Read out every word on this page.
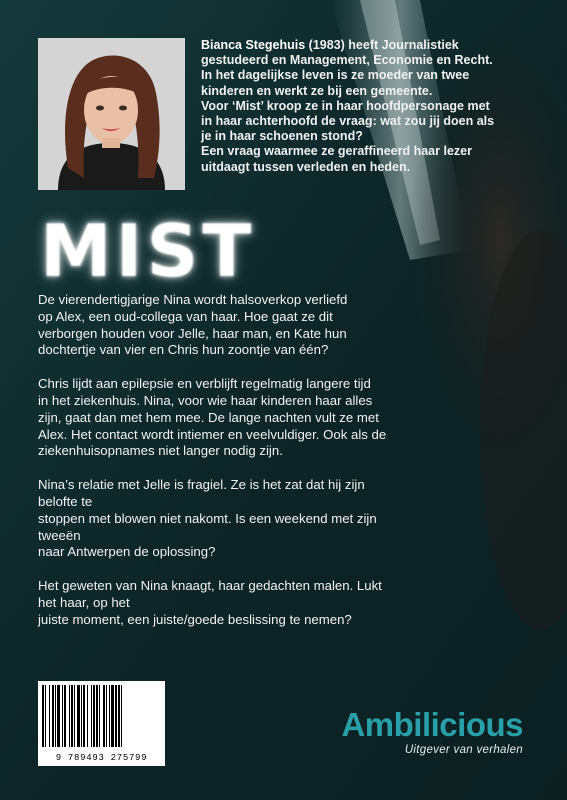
Bianca Stegehuis (1983) heeft Journalistiek
gestudeerd en Management, Economie en Recht.
In het dagelijkse leven is ze moeder van twee
kinderen en werkt ze bij een gemeente.
Voor ‘Mist’ kroop ze in haar hoofdpersonage met
in haar achterhoofd de vraag: wat zou jij doen als
je in haar schoenen stond?
Een vraag waarmee ze geraffineerd haar lezer
uitdaagt tussen verleden en heden.
MIST

De vierendertigjarige Nina wordt halsoverkop verliefd
op Alex, een oud-collega van haar. Hoe gaat ze dit
verborgen houden voor Jelle, haar man, en Kate hun
dochtertje van vier en Chris hun zoontje van één?

Chris lijdt aan epilepsie en verblijft regelmatig langere tijd
in het ziekenhuis. Nina, voor wie haar kinderen haar alles
zijn, gaat dan met hem mee. De lange nachten vult ze met
Alex. Het contact wordt intiemer en veelvuldiger. Ook als de
ziekenhuisopnames niet langer nodig zijn.

Nina’s relatie met Jelle is fragiel. Ze is het zat dat hij zijn belofte te
stoppen met blowen niet nakomt. Is een weekend met zijn tweeën
naar Antwerpen de oplossing?

Het geweten van Nina knaagt, haar gedachten malen. Lukt het haar, op het
juiste moment, een juiste/goede beslissing te nemen?

9 789493 275799
Ambilicious
Uitgever van verhalen
